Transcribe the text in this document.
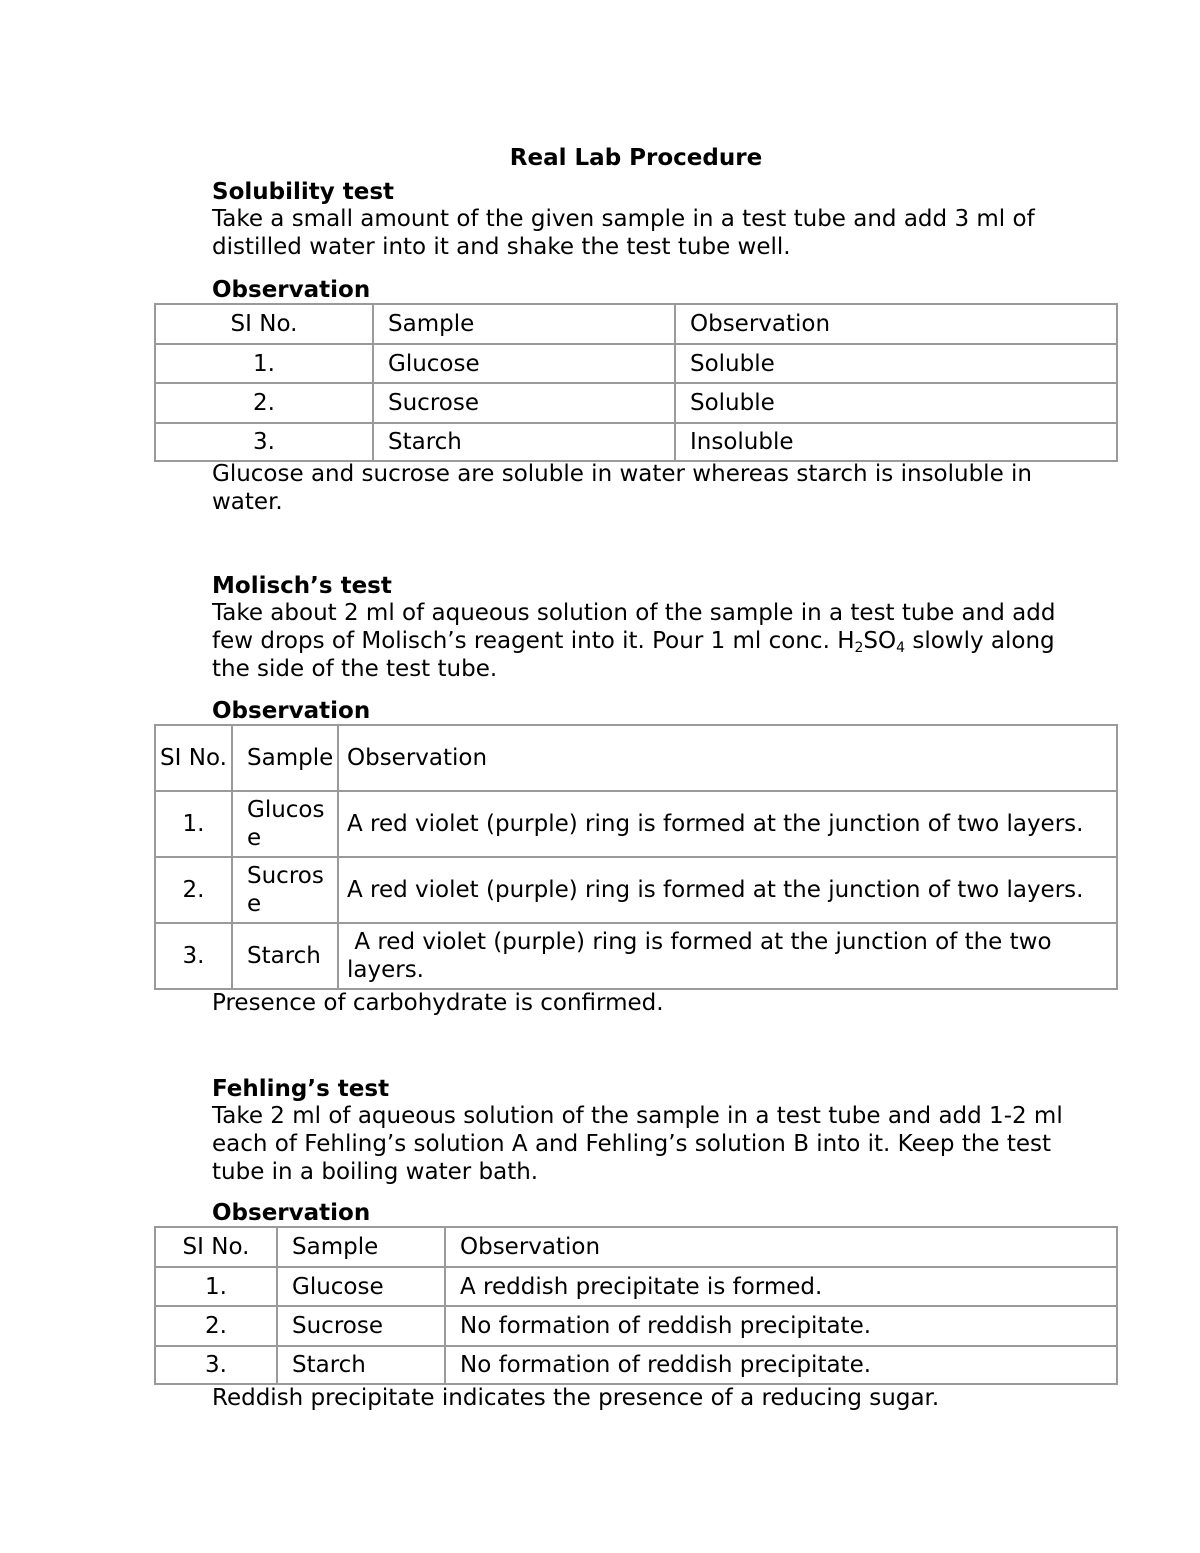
Real Lab Procedure
Solubility test

Take a small amount of the given sample in a test tube and add 3 ml of distilled water into it and shake the test tube well.

Observation
SI No.	Sample	Observation
1.	Glucose	Soluble
2.	Sucrose	Soluble
3.	Starch	Insoluble

Glucose and sucrose are soluble in water whereas starch is insoluble in water.

Molisch’s test

Take about 2 ml of aqueous solution of the sample in a test tube and add few drops of Molisch’s reagent into it. Pour 1 ml conc. $H_2SO_4$ slowly along the side of the test tube.

Observation
SI No.	Sample	Observation
1.	Glucose	A red violet (purple) ring is formed at the junction of two layers.
2.	Sucrose	A red violet (purple) ring is formed at the junction of two layers.
3.	Starch	A red violet (purple) ring is formed at the junction of the two layers.

Presence of carbohydrate is confirmed.

Fehling’s test

Take 2 ml of aqueous solution of the sample in a test tube and add 1-2 ml each of Fehling’s solution A and Fehling’s solution B into it. Keep the test tube in a boiling water bath.

Observation
SI No.	Sample	Observation
1.	Glucose	A reddish precipitate is formed.
2.	Sucrose	No formation of reddish precipitate.
3.	Starch	No formation of reddish precipitate.

Reddish precipitate indicates the presence of a reducing sugar.
